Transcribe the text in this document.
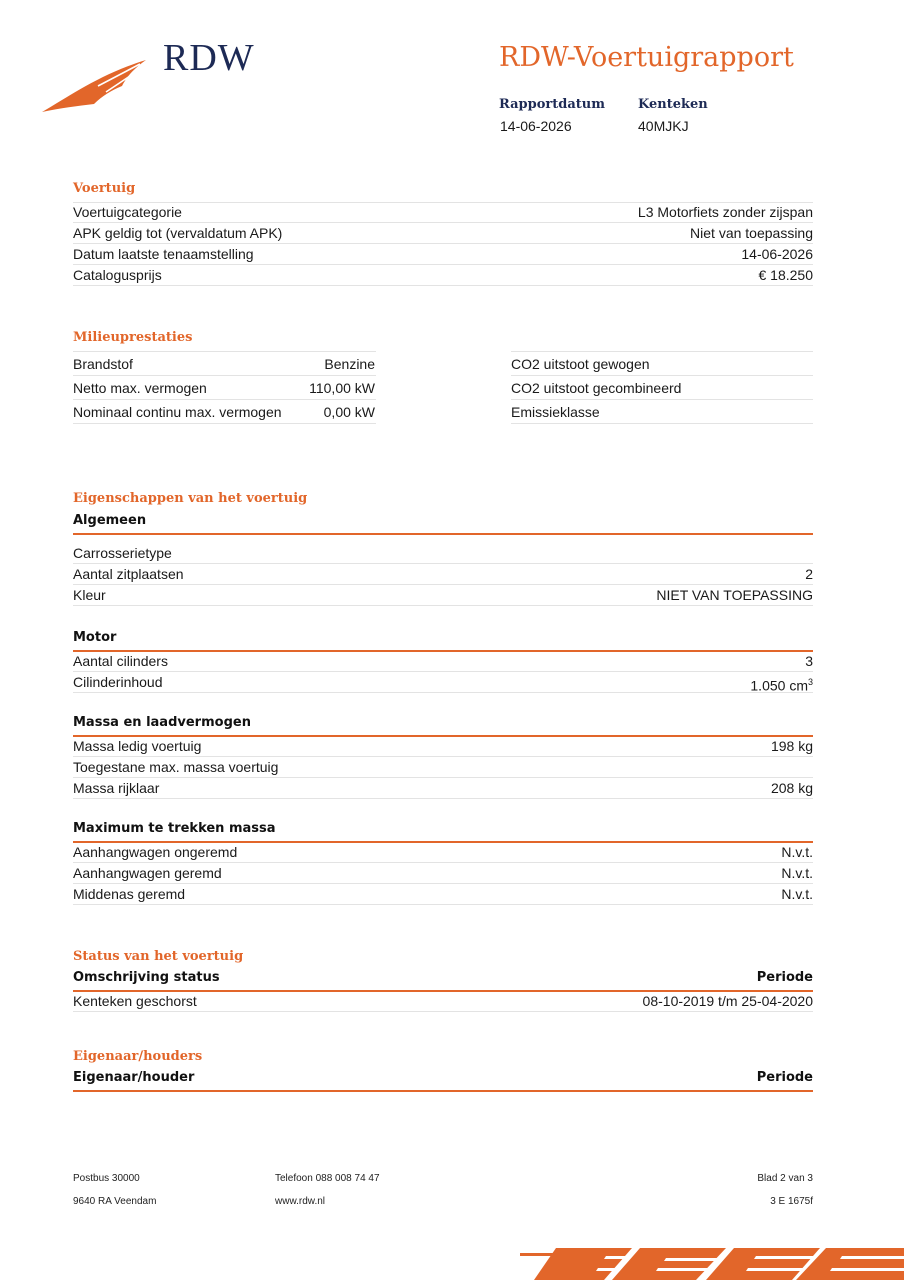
RDW	RDW-Voertuigrapport
Rapportdatum
14-06-2026
Kenteken
40MJKJ
Voertuig
Voertuigcategorie	L3 Motorfiets zonder zijspan
APK geldig tot (vervaldatum APK)	Niet van toepassing
Datum laatste tenaamstelling	14-06-2026
Catalogusprijs	€ 18.250
Milieuprestaties
Brandstof	Benzine	CO2 uitstoot gewogen
Netto max. vermogen	110,00 kW	CO2 uitstoot gecombineerd
Nominaal continu max. vermogen	0,00 kW	Emissieklasse
Eigenschappen van het voertuig
Algemeen
Carrosserietype
Aantal zitplaatsen	2
Kleur	NIET VAN TOEPASSING
Motor
Aantal cilinders	3
Cilinderinhoud	1.050 $cm^3$
Massa en laadvermogen
Massa ledig voertuig	198 kg
Toegestane max. massa voertuig
Massa rijklaar	208 kg
Maximum te trekken massa
Aanhangwagen ongeremd	N.v.t.
Aanhangwagen geremd	N.v.t.
Middenas geremd	N.v.t.
Status van het voertuig
Omschrijving status	Periode
Kenteken geschorst	08-10-2019 t/m 25-04-2020
Eigenaar/houders
Eigenaar/houder	Periode
Postbus 30000
9640 RA Veendam
Telefoon 088 008 74 47
www.rdw.nl
Blad 2 van 3
3 E 1675f
